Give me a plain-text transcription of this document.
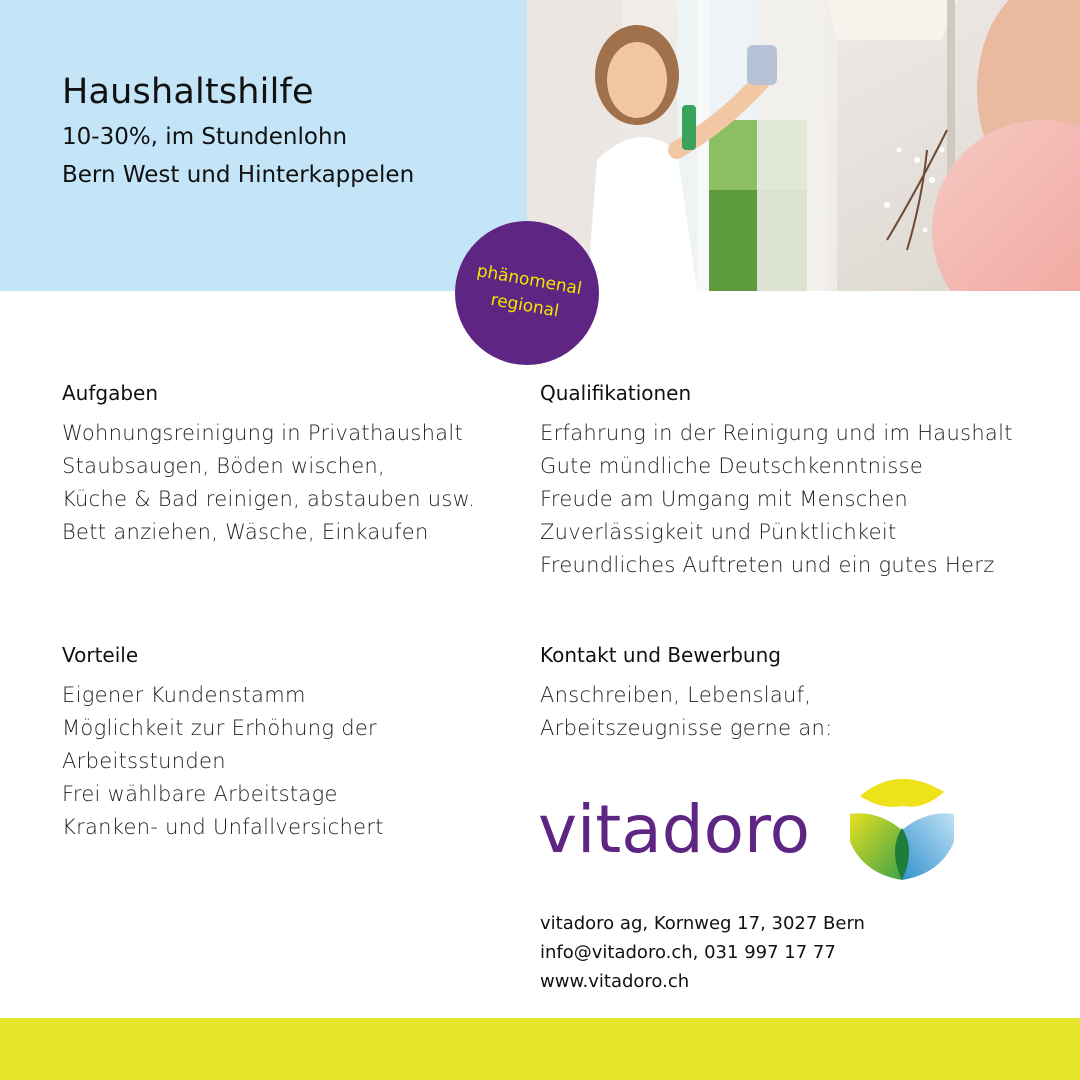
Haushaltshilfe
10-30%, im Stundenlohn
Bern West und Hinterkappelen
phänomenal
regional
Aufgaben
Wohnungsreinigung in Privathaushalt
Staubsaugen, Böden wischen,
Küche & Bad reinigen, abstauben usw.
Bett anziehen, Wäsche, Einkaufen
Qualifikationen
Erfahrung in der Reinigung und im Haushalt
Gute mündliche Deutschkenntnisse
Freude am Umgang mit Menschen
Zuverlässigkeit und Pünktlichkeit
Freundliches Auftreten und ein gutes Herz
Vorteile
Eigener Kundenstamm
Möglichkeit zur Erhöhung der
Arbeitsstunden
Frei wählbare Arbeitstage
Kranken- und Unfallversichert
Kontakt und Bewerbung
Anschreiben, Lebenslauf,
Arbeitszeugnisse gerne an:
vitadoro
vitadoro ag, Kornweg 17, 3027 Bern
info@vitadoro.ch, 031 997 17 77
www.vitadoro.ch
